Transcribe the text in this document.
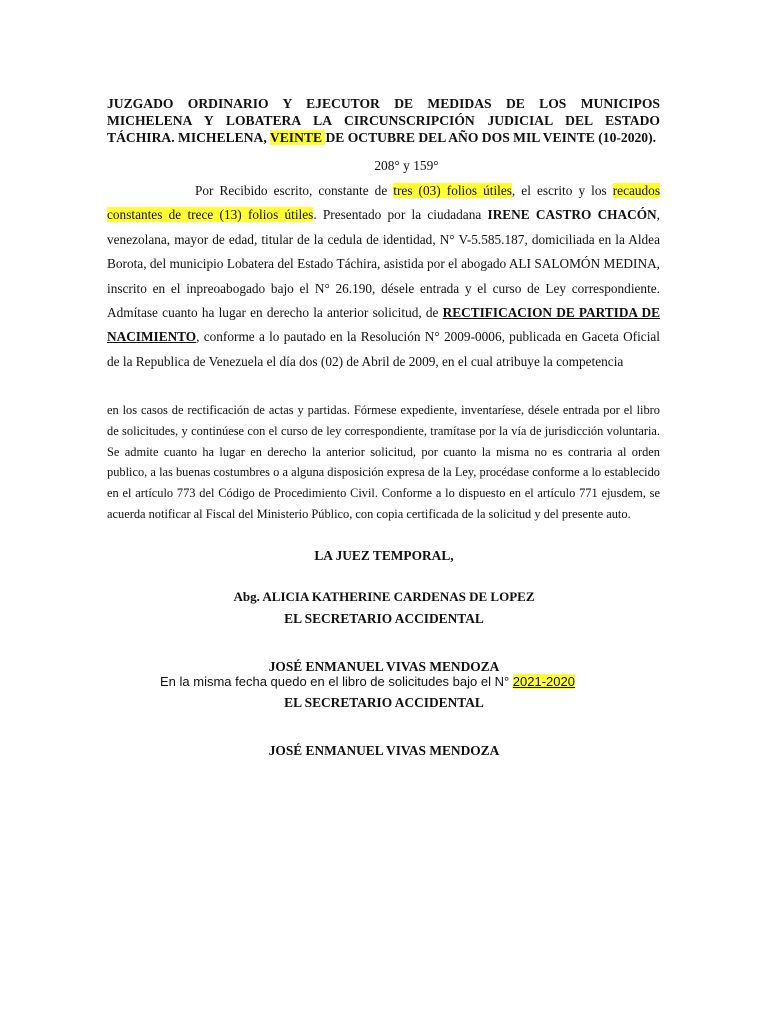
JUZGADO ORDINARIO Y EJECUTOR DE MEDIDAS DE LOS MUNICIPOS MICHELENA Y LOBATERA LA CIRCUNSCRIPCIÓN JUDICIAL DEL ESTADO TÁCHIRA. MICHELENA, VEINTE DE OCTUBRE DEL AÑO DOS MIL VEINTE (10-2020).
208° y 159°
Por Recibido escrito, constante de tres (03) folios útiles, el escrito y los recaudos constantes de trece (13) folios útiles. Presentado por la ciudadana IRENE CASTRO CHACÓN, venezolana, mayor de edad, titular de la cedula de identidad, N° V-5.585.187, domiciliada en la Aldea Borota, del municipio Lobatera del Estado Táchira, asistida por el abogado ALI SALOMÓN MEDINA, inscrito en el inpreoabogado bajo el N° 26.190, désele entrada y el curso de Ley correspondiente. Admítase cuanto ha lugar en derecho la anterior solicitud, de RECTIFICACION DE PARTIDA DE NACIMIENTO, conforme a lo pautado en la Resolución N° 2009-0006, publicada en Gaceta Oficial de la Republica de Venezuela el día dos (02) de Abril de 2009, en el cual atribuye la competencia
en los casos de rectificación de actas y partidas. Fórmese expediente, inventaríese, désele entrada por el libro de solicitudes, y continúese con el curso de ley correspondiente, tramítase por la vía de jurisdicción voluntaria. Se admite cuanto ha lugar en derecho la anterior solicitud, por cuanto la misma no es contraria al orden publico, a las buenas costumbres o a alguna disposición expresa de la Ley, procédase conforme a lo establecido en el artículo 773 del Código de Procedimiento Civil. Conforme a lo dispuesto en el artículo 771 ejusdem, se acuerda notificar al Fiscal del Ministerio Público, con copia certificada de la solicitud y del presente auto.
LA JUEZ TEMPORAL,
Abg. ALICIA KATHERINE CARDENAS DE LOPEZ
EL SECRETARIO ACCIDENTAL
JOSÉ ENMANUEL VIVAS MENDOZA
En la misma fecha quedo en el libro de solicitudes bajo el N° 2021-2020
EL SECRETARIO ACCIDENTAL
JOSÉ ENMANUEL VIVAS MENDOZA
